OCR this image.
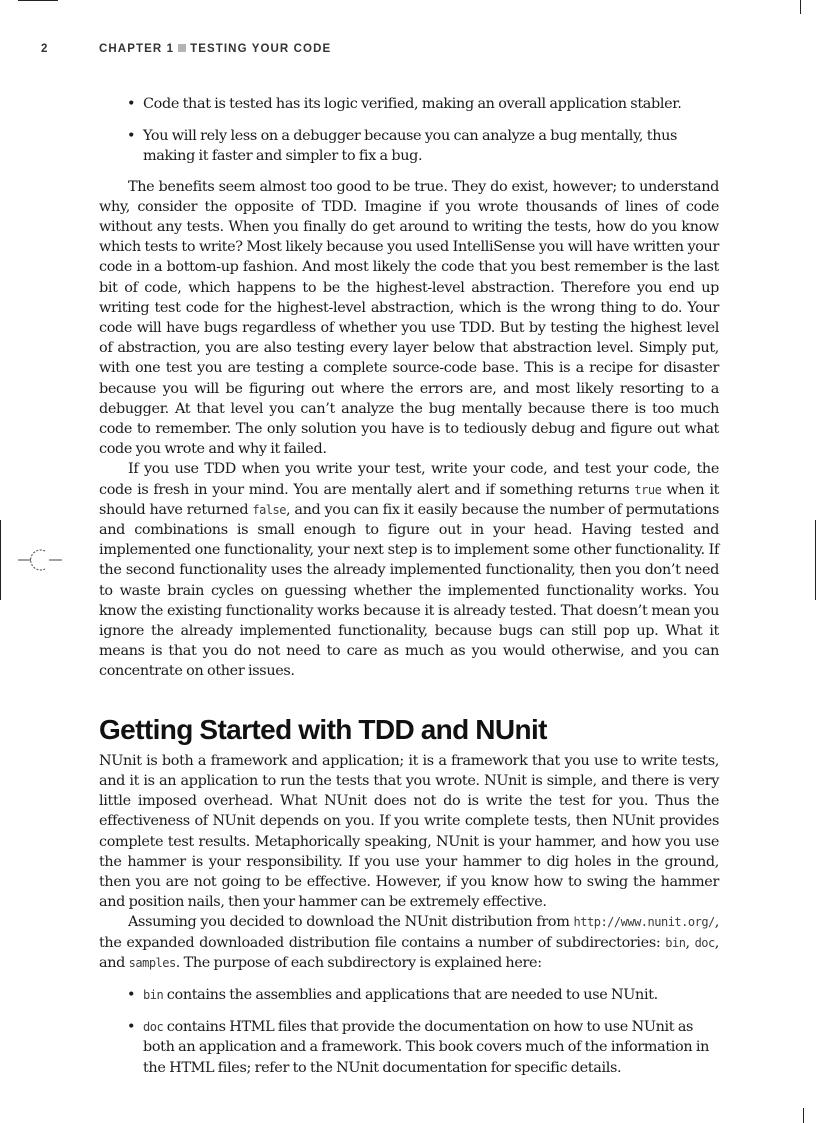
2	CHAPTER 1 TESTING YOUR CODE
• Code that is tested has its logic verified, making an overall application stabler.
• You will rely less on a debugger because you can analyze a bug mentally, thus making it faster and simpler to fix a bug.

The benefits seem almost too good to be true. They do exist, however; to understand why, consider the opposite of TDD. Imagine if you wrote thousands of lines of code without any tests. When you finally do get around to writing the tests, how do you know which tests to write? Most likely because you used IntelliSense you will have written your code in a bottom-up fashion. And most likely the code that you best remember is the last bit of code, which happens to be the highest-level abstraction. Therefore you end up writing test code for the highest-level abstraction, which is the wrong thing to do. Your code will have bugs regardless of whether you use TDD. But by testing the highest level of abstraction, you are also testing every layer below that abstraction level. Simply put, with one test you are testing a complete source-code base. This is a recipe for disaster because you will be figuring out where the errors are, and most likely resorting to a debugger. At that level you can’t analyze the bug mentally because there is too much code to remember. The only solution you have is to tediously debug and figure out what code you wrote and why it failed.

If you use TDD when you write your test, write your code, and test your code, the code is fresh in your mind. You are mentally alert and if something returns true when it should have returned false, and you can fix it easily because the number of permutations and combinations is small enough to figure out in your head. Having tested and implemented one functionality, your next step is to implement some other functionality. If the second functionality uses the already implemented functionality, then you don’t need to waste brain cycles on guessing whether the implemented functionality works. You know the existing functionality works because it is already tested. That doesn’t mean you ignore the already implemented functionality, because bugs can still pop up. What it means is that you do not need to care as much as you would otherwise, and you can concentrate on other issues.

Getting Started with TDD and NUnit

NUnit is both a framework and application; it is a framework that you use to write tests, and it is an application to run the tests that you wrote. NUnit is simple, and there is very little imposed overhead. What NUnit does not do is write the test for you. Thus the effectiveness of NUnit depends on you. If you write complete tests, then NUnit provides complete test results. Metaphorically speaking, NUnit is your hammer, and how you use the hammer is your responsibility. If you use your hammer to dig holes in the ground, then you are not going to be effective. However, if you know how to swing the hammer and position nails, then your hammer can be extremely effective.

Assuming you decided to download the NUnit distribution from http://www.nunit.org/, the expanded downloaded distribution file contains a number of subdirectories: bin, doc, and samples. The purpose of each subdirectory is explained here:

• bin contains the assemblies and applications that are needed to use NUnit.
• doc contains HTML files that provide the documentation on how to use NUnit as both an application and a framework. This book covers much of the information in the HTML files; refer to the NUnit documentation for specific details.
